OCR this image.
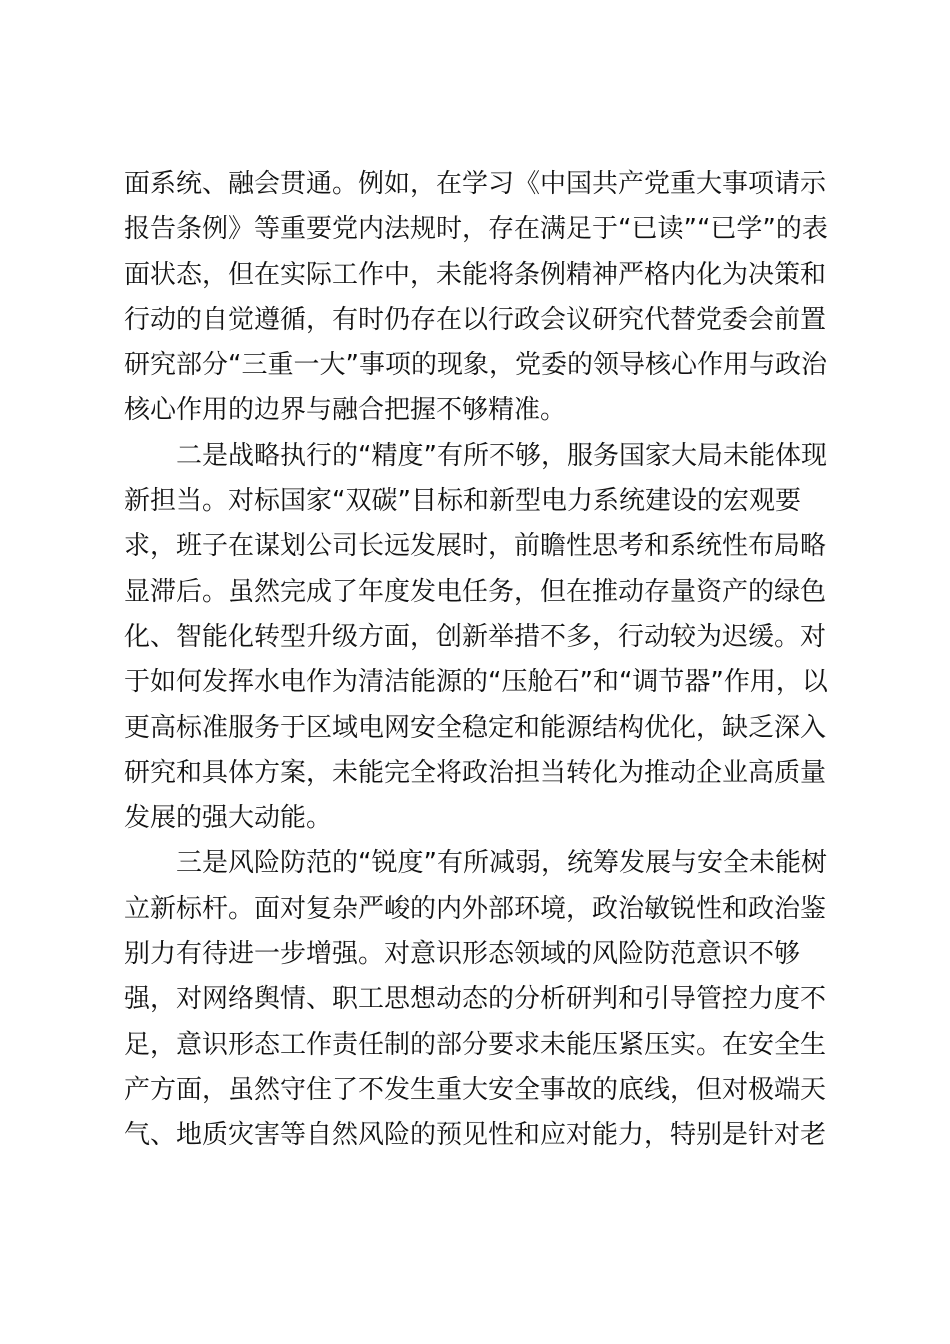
面系统、融会贯通。例如，在学习《中国共产党重大事项请示
报告条例》等重要党内法规时，存在满足于“已读”“已学”的表
面状态，但在实际工作中，未能将条例精神严格内化为决策和
行动的自觉遵循，有时仍存在以行政会议研究代替党委会前置
研究部分“三重一大”事项的现象，党委的领导核心作用与政治
核心作用的边界与融合把握不够精准。
二是战略执行的“精度”有所不够，服务国家大局未能体现
新担当。对标国家“双碳”目标和新型电力系统建设的宏观要
求，班子在谋划公司长远发展时，前瞻性思考和系统性布局略
显滞后。虽然完成了年度发电任务，但在推动存量资产的绿色
化、智能化转型升级方面，创新举措不多，行动较为迟缓。对
于如何发挥水电作为清洁能源的“压舱石”和“调节器”作用，以
更高标准服务于区域电网安全稳定和能源结构优化，缺乏深入
研究和具体方案，未能完全将政治担当转化为推动企业高质量
发展的强大动能。
三是风险防范的“锐度”有所减弱，统筹发展与安全未能树
立新标杆。面对复杂严峻的内外部环境，政治敏锐性和政治鉴
别力有待进一步增强。对意识形态领域的风险防范意识不够
强，对网络舆情、职工思想动态的分析研判和引导管控力度不
足，意识形态工作责任制的部分要求未能压紧压实。在安全生
产方面，虽然守住了不发生重大安全事故的底线，但对极端天
气、地质灾害等自然风险的预见性和应对能力，特别是针对老
